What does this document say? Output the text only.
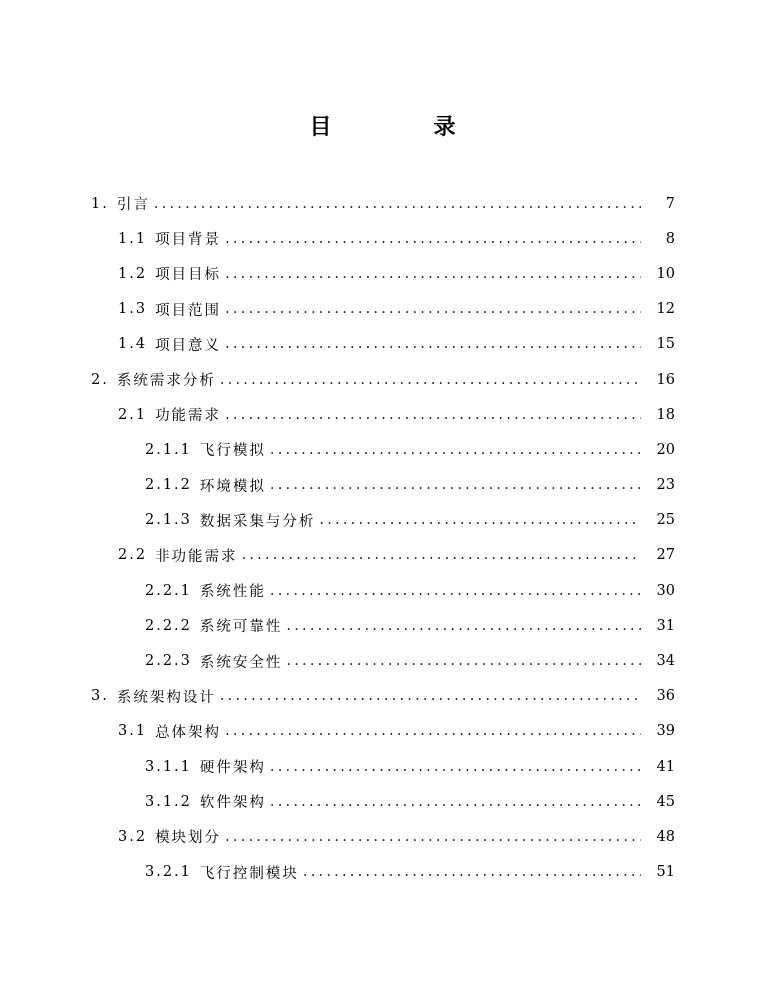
目　录
1. 引言 .....	7
1.1 项目背景 .....	8
1.2 项目目标 .....	10
1.3 项目范围 .....	12
1.4 项目意义 .....	15
2. 系统需求分析 .....	16
2.1 功能需求 .....	18
2.1.1 飞行模拟 .....	20
2.1.2 环境模拟 .....	23
2.1.3 数据采集与分析 .....	25
2.2 非功能需求 .....	27
2.2.1 系统性能 .....	30
2.2.2 系统可靠性 .....	31
2.2.3 系统安全性 .....	34
3. 系统架构设计 .....	36
3.1 总体架构 .....	39
3.1.1 硬件架构 .....	41
3.1.2 软件架构 .....	45
3.2 模块划分 .....	48
3.2.1 飞行控制模块 .....	51
